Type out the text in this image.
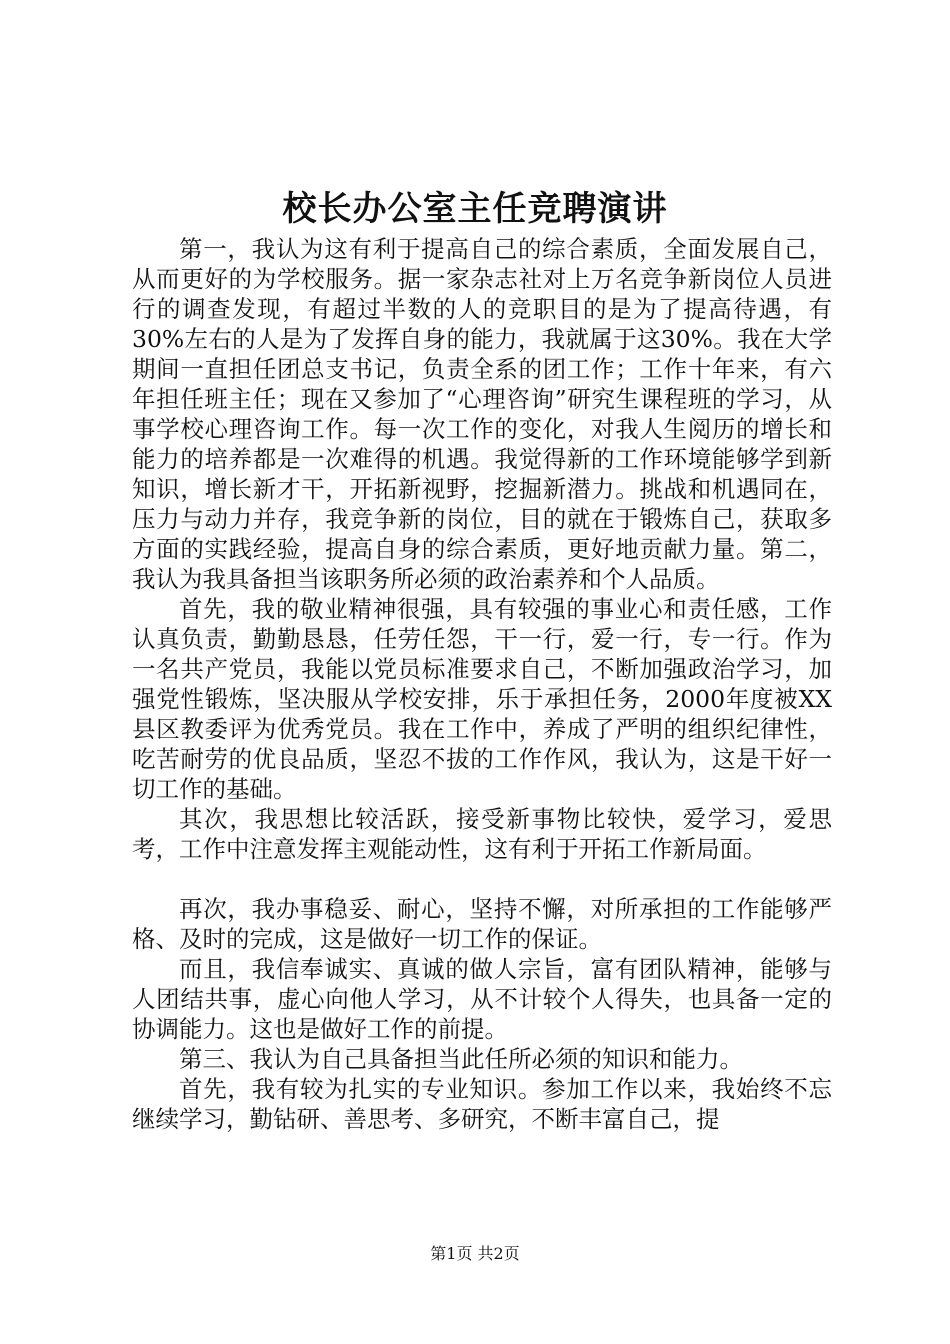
校长办公室主任竞聘演讲

第一，我认为这有利于提高自己的综合素质，全面发展自己，从而更好的为学校服务。据一家杂志社对上万名竞争新岗位人员进行的调查发现，有超过半数的人的竞职目的是为了提高待遇，有30%左右的人是为了发挥自身的能力，我就属于这30%。我在大学期间一直担任团总支书记，负责全系的团工作；工作十年来，有六年担任班主任；现在又参加了“心理咨询”研究生课程班的学习，从事学校心理咨询工作。每一次工作的变化，对我人生阅历的增长和能力的培养都是一次难得的机遇。我觉得新的工作环境能够学到新知识，增长新才干，开拓新视野，挖掘新潜力。挑战和机遇同在，压力与动力并存，我竞争新的岗位，目的就在于锻炼自己，获取多方面的实践经验，提高自身的综合素质，更好地贡献力量。第二，我认为我具备担当该职务所必须的政治素养和个人品质。

首先，我的敬业精神很强，具有较强的事业心和责任感，工作认真负责，勤勤恳恳，任劳任怨，干一行，爱一行，专一行。作为一名共产党员，我能以党员标准要求自己，不断加强政治学习，加强党性锻炼，坚决服从学校安排，乐于承担任务，2000年度被XX县区教委评为优秀党员。我在工作中，养成了严明的组织纪律性，吃苦耐劳的优良品质，坚忍不拔的工作作风，我认为，这是干好一切工作的基础。

其次，我思想比较活跃，接受新事物比较快，爱学习，爱思考，工作中注意发挥主观能动性，这有利于开拓工作新局面。

再次，我办事稳妥、耐心，坚持不懈，对所承担的工作能够严格、及时的完成，这是做好一切工作的保证。

而且，我信奉诚实、真诚的做人宗旨，富有团队精神，能够与人团结共事，虚心向他人学习，从不计较个人得失，也具备一定的协调能力。这也是做好工作的前提。

第三、我认为自己具备担当此任所必须的知识和能力。

首先，我有较为扎实的专业知识。参加工作以来，我始终不忘继续学习，勤钻研、善思考、多研究，不断丰富自己，提

第1页 共2页
